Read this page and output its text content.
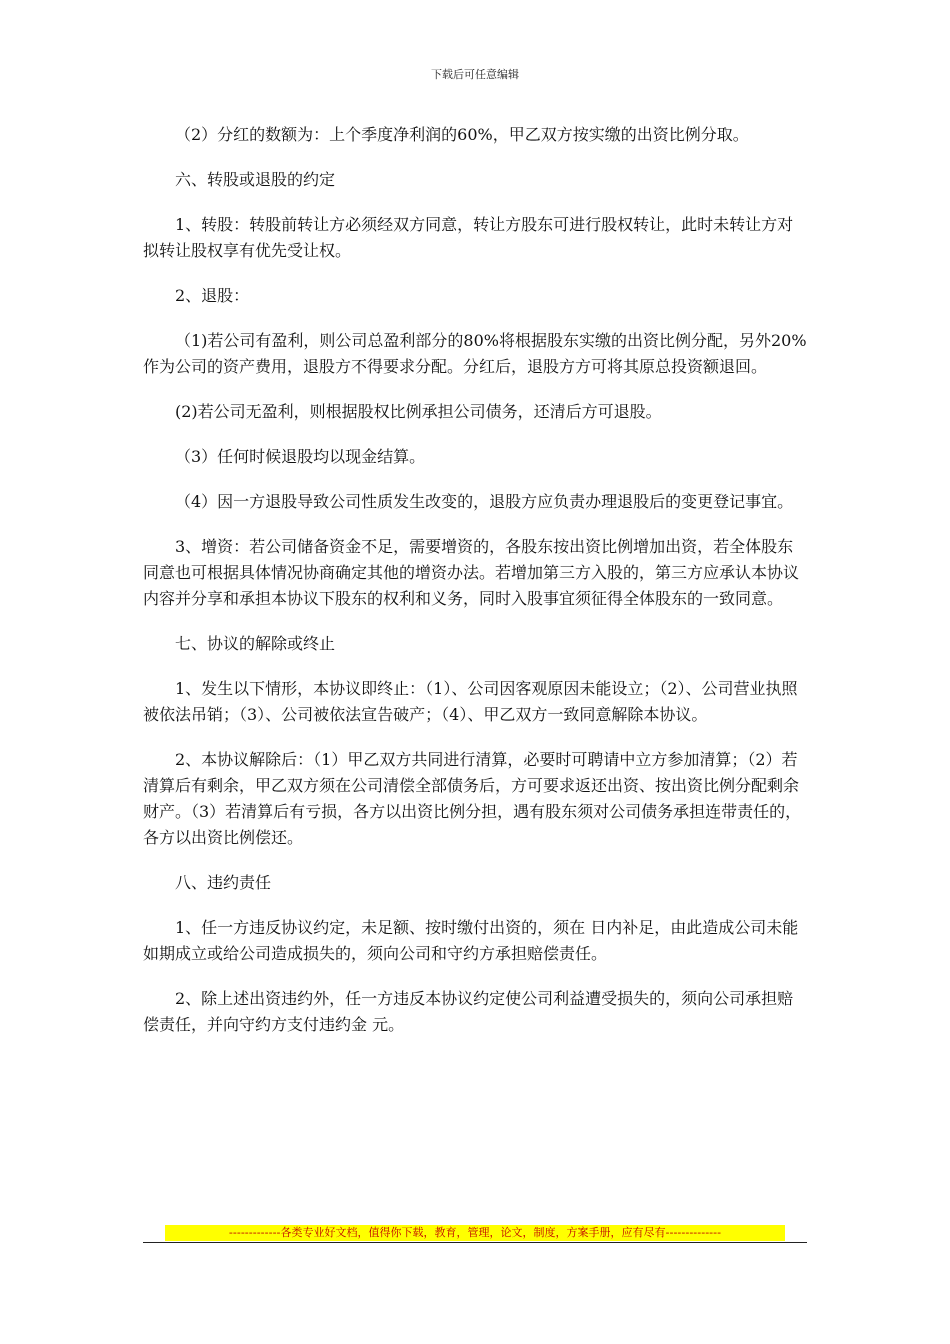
下载后可任意编辑

（2）分红的数额为：上个季度净利润的60%，甲乙双方按实缴的出资比例分取。

六、转股或退股的约定

1、转股：转股前转让方必须经双方同意，转让方股东可进行股权转让，此时未转让方对拟转让股权享有优先受让权。

2、退股：

（1)若公司有盈利，则公司总盈利部分的80%将根据股东实缴的出资比例分配，另外20%作为公司的资产费用，退股方不得要求分配。分红后，退股方方可将其原总投资额退回。

(2)若公司无盈利，则根据股权比例承担公司债务，还清后方可退股。

（3）任何时候退股均以现金结算。

（4）因一方退股导致公司性质发生改变的，退股方应负责办理退股后的变更登记事宜。

3、增资：若公司储备资金不足，需要增资的，各股东按出资比例增加出资，若全体股东同意也可根据具体情况协商确定其他的增资办法。若增加第三方入股的，第三方应承认本协议内容并分享和承担本协议下股东的权利和义务，同时入股事宜须征得全体股东的一致同意。

七、协议的解除或终止

1、发生以下情形，本协议即终止：（1）、公司因客观原因未能设立；（2）、公司营业执照被依法吊销；（3）、公司被依法宣告破产；（4）、甲乙双方一致同意解除本协议。

2、本协议解除后：（1）甲乙双方共同进行清算，必要时可聘请中立方参加清算；（2）若清算后有剩余，甲乙双方须在公司清偿全部债务后，方可要求返还出资、按出资比例分配剩余财产。（3）若清算后有亏损，各方以出资比例分担，遇有股东须对公司债务承担连带责任的，各方以出资比例偿还。

八、违约责任

1、任一方违反协议约定，未足额、按时缴付出资的，须在 日内补足，由此造成公司未能如期成立或给公司造成损失的，须向公司和守约方承担赔偿责任。

2、除上述出资违约外，任一方违反本协议约定使公司利益遭受损失的，须向公司承担赔偿责任，并向守约方支付违约金 元。

-------------各类专业好文档，值得你下载，教育，管理，论文，制度，方案手册，应有尽有--------------
